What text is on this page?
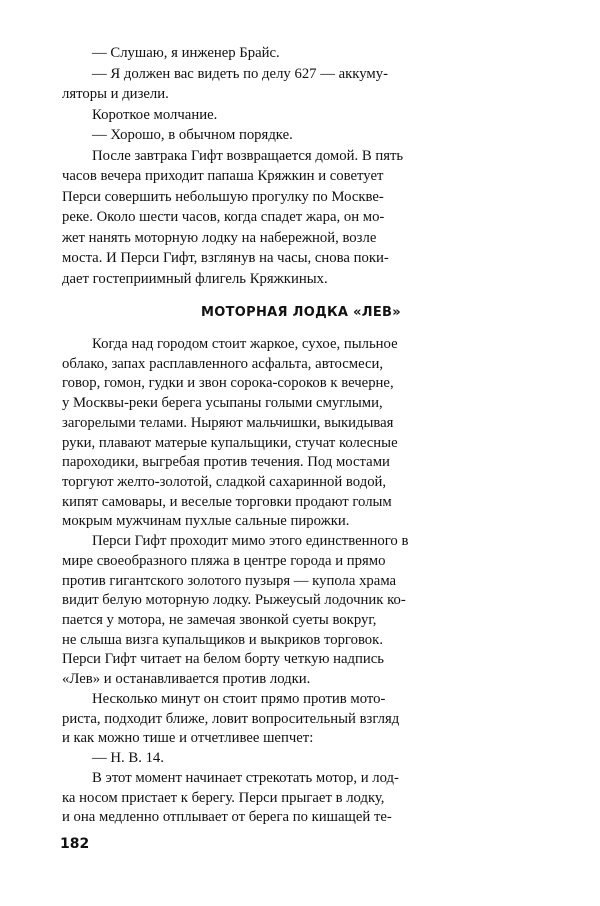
— Слушаю, я инженер Брайс.
— Я должен вас видеть по делу 627 — аккуму-
ляторы и дизели.
Короткое молчание.
— Хорошо, в обычном порядке.
После завтрака Гифт возвращается домой. В пять
часов вечера приходит папаша Кряжкин и советует
Перси совершить небольшую прогулку по Москве-
реке. Около шести часов, когда спадет жара, он мо-
жет нанять моторную лодку на набережной, возле
моста. И Перси Гифт, взглянув на часы, снова поки-
дает гостеприимный флигель Кряжкиных.
МОТОРНАЯ ЛОДКА «ЛЕВ»
Когда над городом стоит жаркое, сухое, пыльное
облако, запах расплавленного асфальта, автосмеси,
говор, гомон, гудки и звон сорока-сороков к вечерне,
у Москвы-реки берега усыпаны голыми смуглыми,
загорелыми телами. Ныряют мальчишки, выкидывая
руки, плавают матерые купальщики, стучат колесные
пароходики, выгребая против течения. Под мостами
торгуют желто-золотой, сладкой сахаринной водой,
кипят самовары, и веселые торговки продают голым
мокрым мужчинам пухлые сальные пирожки.
Перси Гифт проходит мимо этого единственного в
мире своеобразного пляжа в центре города и прямо
против гигантского золотого пузыря — купола храма
видит белую моторную лодку. Рыжеусый лодочник ко-
пается у мотора, не замечая звонкой суеты вокруг,
не слыша визга купальщиков и выкриков торговок.
Перси Гифт читает на белом борту четкую надпись
«Лев» и останавливается против лодки.
Несколько минут он стоит прямо против мото-
риста, подходит ближе, ловит вопросительный взгляд
и как можно тише и отчетливее шепчет:
— Н. В. 14.
В этот момент начинает стрекотать мотор, и лод-
ка носом пристает к берегу. Перси прыгает в лодку,
и она медленно отплывает от берега по кишащей те-
182
